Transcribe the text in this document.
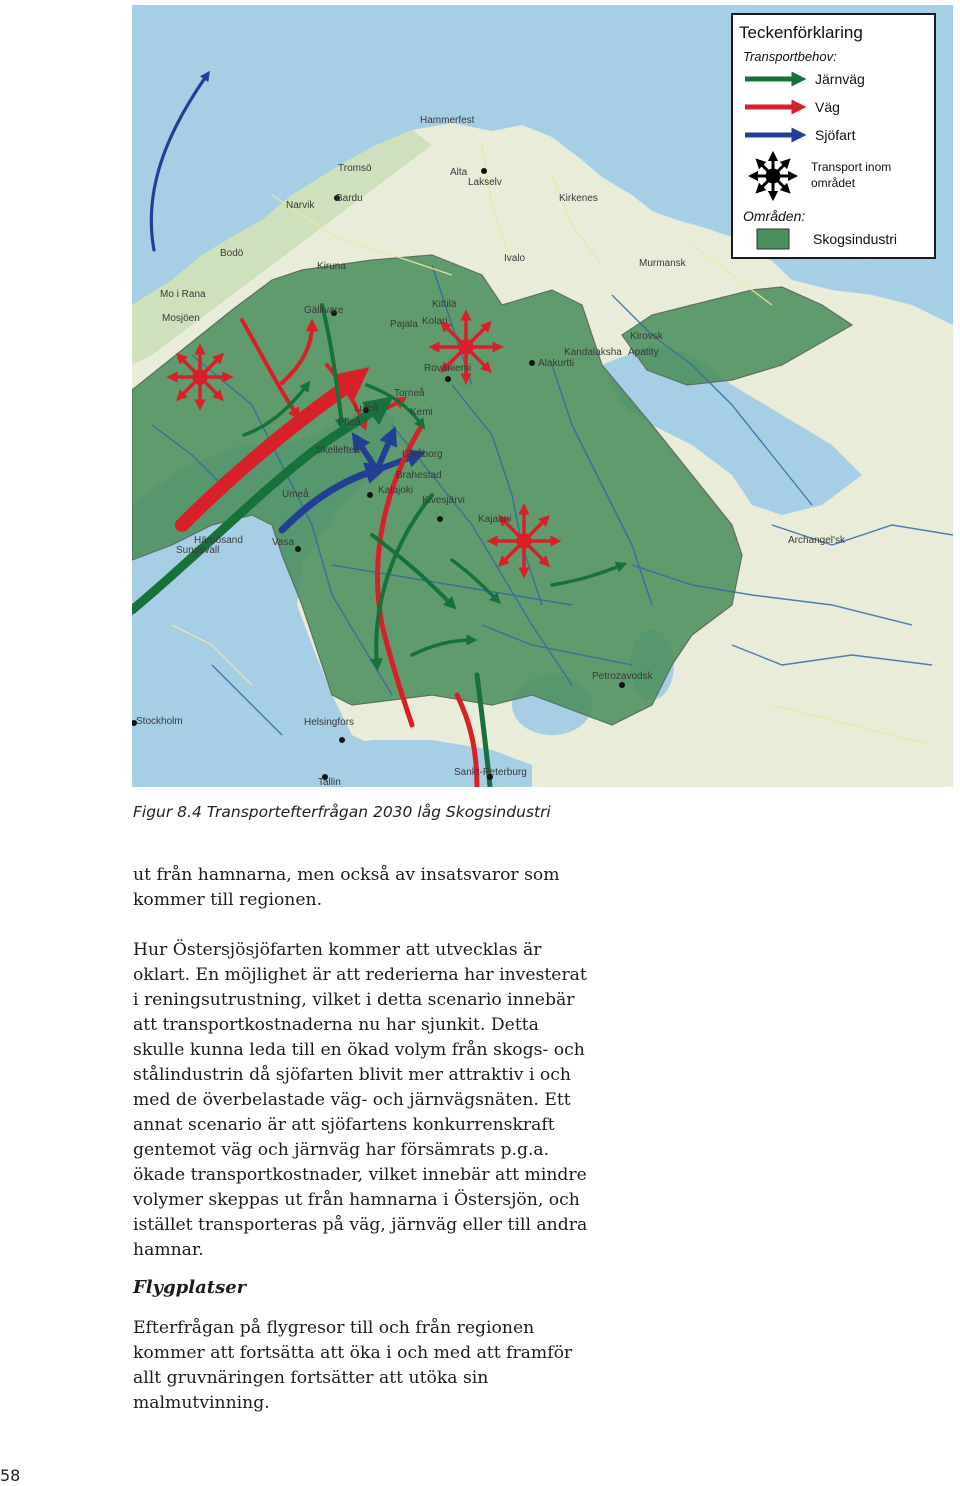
Hammerfest
Tromsö	Alta
Lakselv
Bardu
Narvik
Kirkenes
Bodö
Kiruna
Ivalo	Murmansk
Mo i Rana
Mosjöen
Gällivare
Kittilä
Pajala Kolari
Kirovsk
Kandalaksha Apatity
Alakurtti
Rovaniemi
Torneå
Luleå
Piteå
Kemi
Skellefteå	Uleåborg
Brahestad
Kalajoki
Kivesjärvi
Umeå
Kajaani
Härnösand
Sundsvall
Vasa	Archangel'sk
Petrozavodsk
Stockholm	Helsingfors
Sankt-Peterburg
Tallin
Teckenförklaring
Transportbehov:
Järnväg
Väg
Sjöfart
Transport inom området
Områden:
Skogsindustri
Figur 8.4 Transportefterfrågan 2030 låg Skogsindustri

ut från hamnarna, men också av insatsvaror som kommer till regionen.

Hur Östersjösjöfarten kommer att utvecklas är oklart. En möjlighet är att rederierna har investerat i reningsutrustning, vilket i detta scenario innebär att transportkostnaderna nu har sjunkit. Detta skulle kunna leda till en ökad volym från skogs- och stålindustrin då sjöfarten blivit mer attraktiv i och med de överbelastade väg- och järnvägsnäten. Ett annat scenario är att sjöfartens konkurrenskraft gentemot väg och järnväg har försämrats p.g.a. ökade transportkostnader, vilket innebär att mindre volymer skeppas ut från hamnarna i Östersjön, och istället transporteras på väg, järnväg eller till andra hamnar.

Flygplatser

Efterfrågan på flygresor till och från regionen kommer att fortsätta att öka i och med att framför allt gruvnäringen fortsätter att utöka sin malmutvinning.

58
